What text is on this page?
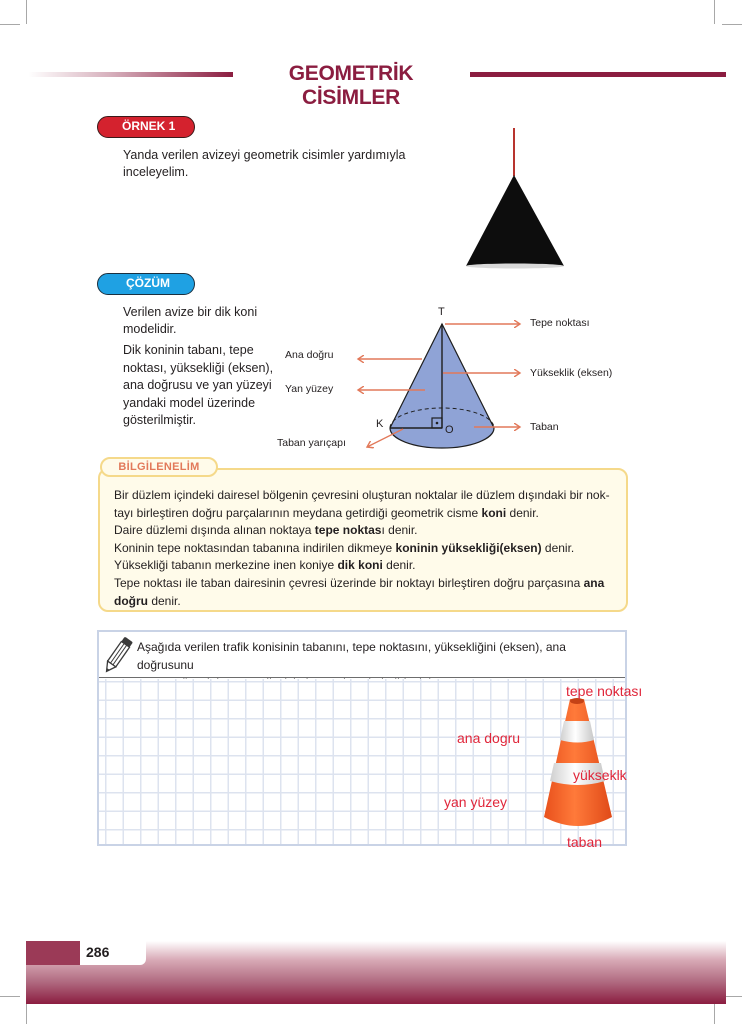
GEOMETRİK CİSİMLER
ÖRNEK 1
Yanda verilen avizeyi geometrik cisimler yardımıyla
inceleyelim.
ÇÖZÜM
Verilen avize bir dik koni
modelidir.
Dik koninin tabanı, tepe
noktası, yüksekliği (eksen),
ana doğrusu ve yan yüzeyi
yandaki model üzerinde
gösterilmiştir.
T
K	O
Tepe noktası
Yükseklik (eksen)
Taban
Ana doğru
Yan yüzey
Taban yarıçapı
BİLGİLENELİM
Bir düzlem içindeki dairesel bölgenin çevresini oluşturan noktalar ile düzlem dışındaki bir nok-
tayı birleştiren doğru parçalarının meydana getirdiği geometrik cisme koni denir.
Daire düzlemi dışında alınan noktaya tepe noktası denir.
Koninin tepe noktasından tabanına indirilen dikmeye koninin yüksekliği(eksen) denir.
Yüksekliği tabanın merkezine inen koniye dik koni denir.
Tepe noktası ile taban dairesinin çevresi üzerinde bir noktayı birleştiren doğru parçasına ana
doğru denir.
Aşağıda verilen trafik konisinin tabanını, tepe noktasını, yüksekliğini (eksen), ana doğrusunu
tepe noktası
ana dogru
yükseklk
yan yüzey
taban
286
